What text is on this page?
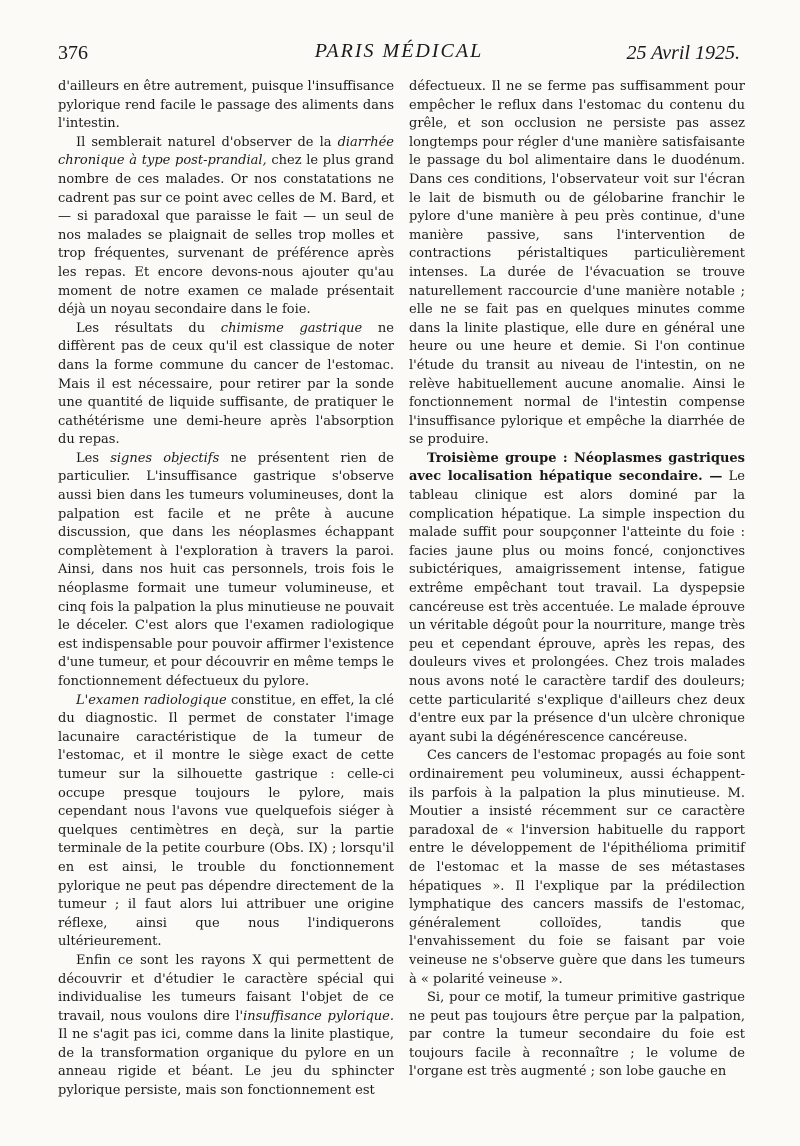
376	PARIS MÉDICAL	25 Avril 1925.

d'ailleurs en être autrement, puisque l'insuffisance pylorique rend facile le passage des aliments dans l'intestin.

Il semblerait naturel d'observer de la diarrhée chronique à type post-prandial, chez le plus grand nombre de ces malades. Or nos constatations ne cadrent pas sur ce point avec celles de M. Bard, et — si paradoxal que paraisse le fait — un seul de nos malades se plaignait de selles trop molles et trop fréquentes, survenant de préférence après les repas. Et encore devons-nous ajouter qu'au moment de notre examen ce malade présentait déjà un noyau secondaire dans le foie.

Les résultats du chimisme gastrique ne diffèrent pas de ceux qu'il est classique de noter dans la forme commune du cancer de l'estomac. Mais il est nécessaire, pour retirer par la sonde une quantité de liquide suffisante, de pratiquer le cathétérisme une demi-heure après l'absorption du repas.

Les signes objectifs ne présentent rien de particulier. L'insuffisance gastrique s'observe aussi bien dans les tumeurs volumineuses, dont la palpation est facile et ne prête à aucune discussion, que dans les néoplasmes échappant complètement à l'exploration à travers la paroi. Ainsi, dans nos huit cas personnels, trois fois le néoplasme formait une tumeur volumineuse, et cinq fois la palpation la plus minutieuse ne pouvait le déceler. C'est alors que l'examen radiologique est indispensable pour pouvoir affirmer l'existence d'une tumeur, et pour découvrir en même temps le fonctionnement défectueux du pylore.

L'examen radiologique constitue, en effet, la clé du diagnostic. Il permet de constater l'image lacunaire caractéristique de la tumeur de l'estomac, et il montre le siège exact de cette tumeur sur la silhouette gastrique : celle-ci occupe presque toujours le pylore, mais cependant nous l'avons vue quelquefois siéger à quelques centimètres en deçà, sur la partie terminale de la petite courbure (Obs. IX) ; lorsqu'il en est ainsi, le trouble du fonctionnement pylorique ne peut pas dépendre directement de la tumeur ; il faut alors lui attribuer une origine réflexe, ainsi que nous l'indiquerons ultérieurement.

Enfin ce sont les rayons X qui permettent de découvrir et d'étudier le caractère spécial qui individualise les tumeurs faisant l'objet de ce travail, nous voulons dire l'insuffisance pylorique. Il ne s'agit pas ici, comme dans la linite plastique, de la transformation organique du pylore en un anneau rigide et béant. Le jeu du sphincter pylorique persiste, mais son fonctionnement est

défectueux. Il ne se ferme pas suffisamment pour empêcher le reflux dans l'estomac du contenu du grêle, et son occlusion ne persiste pas assez longtemps pour régler d'une manière satisfaisante le passage du bol alimentaire dans le duodénum. Dans ces conditions, l'observateur voit sur l'écran le lait de bismuth ou de gélobarine franchir le pylore d'une manière à peu près continue, d'une manière passive, sans l'intervention de contractions péristaltiques particulièrement intenses. La durée de l'évacuation se trouve naturellement raccourcie d'une manière notable ; elle ne se fait pas en quelques minutes comme dans la linite plastique, elle dure en général une heure ou une heure et demie. Si l'on continue l'étude du transit au niveau de l'intestin, on ne relève habituellement aucune anomalie. Ainsi le fonctionnement normal de l'intestin compense l'insuffisance pylorique et empêche la diarrhée de se produire.

Troisième groupe : Néoplasmes gastriques avec localisation hépatique secondaire. — Le tableau clinique est alors dominé par la complication hépatique. La simple inspection du malade suffit pour soupçonner l'atteinte du foie : facies jaune plus ou moins foncé, conjonctives subictériques, amaigrissement intense, fatigue extrême empêchant tout travail. La dyspepsie cancéreuse est très accentuée. Le malade éprouve un véritable dégoût pour la nourriture, mange très peu et cependant éprouve, après les repas, des douleurs vives et prolongées. Chez trois malades nous avons noté le caractère tardif des douleurs; cette particularité s'explique d'ailleurs chez deux d'entre eux par la présence d'un ulcère chronique ayant subi la dégénérescence cancéreuse.

Ces cancers de l'estomac propagés au foie sont ordinairement peu volumineux, aussi échappent-ils parfois à la palpation la plus minutieuse. M. Moutier a insisté récemment sur ce caractère paradoxal de « l'inversion habituelle du rapport entre le développement de l'épithélioma primitif de l'estomac et la masse de ses métastases hépatiques ». Il l'explique par la prédilection lymphatique des cancers massifs de l'estomac, généralement colloïdes, tandis que l'envahissement du foie se faisant par voie veineuse ne s'observe guère que dans les tumeurs à « polarité veineuse ».

Si, pour ce motif, la tumeur primitive gastrique ne peut pas toujours être perçue par la palpation, par contre la tumeur secondaire du foie est toujours facile à reconnaître ; le volume de l'organe est très augmenté ; son lobe gauche en
